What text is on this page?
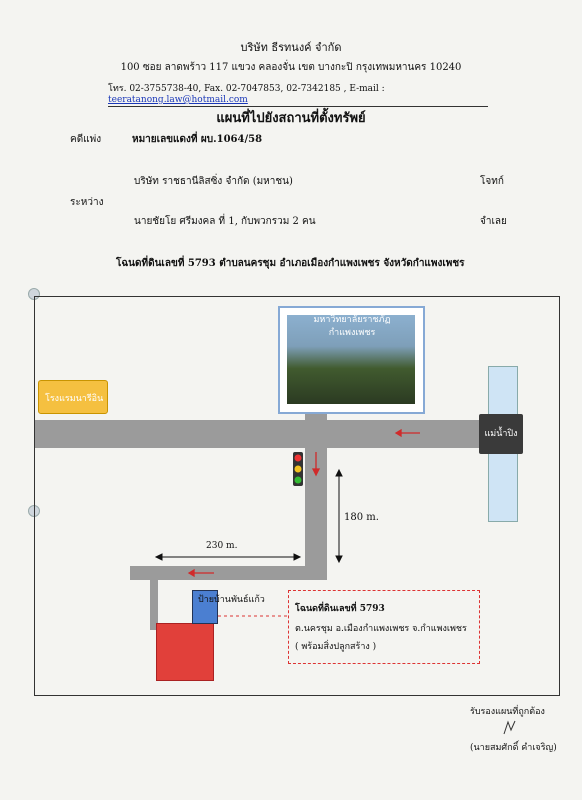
บริษัท ธีรทนงค์ จำกัด
100 ซอย ลาดพร้าว 117 แขวง คลองจั่น เขต บางกะปิ กรุงเทพมหานคร 10240
โทร. 02-3755738-40, Fax. 02-7047853, 02-7342185 , E-mail : teeratanong.law@hotmail.com
แผนที่ไปยังสถานที่ตั้งทรัพย์
คดีแพ่ง	หมายเลขแดงที่ ผบ.1064/58
บริษัท ราชธานีลิสซิ่ง จำกัด (มหาชน)	โจทก์
ระหว่าง
นายชัยโย ศรีมงคล ที่ 1, กับพวกรวม 2 คน	จำเลย
โฉนดที่ดินเลขที่ 5793 ตำบลนครชุม อำเภอเมืองกำแพงเพชร จังหวัดกำแพงเพชร
โรงแรมนารีอิน
มหาวิทยาลัยราชภัฏ
กำแพงเพชร
แม่น้ำปิง
180 m.
230 m.
ป้ายบ้านพันธ์แก้ว
โฉนดที่ดินเลขที่ 5793
ต.นครชุม อ.เมืองกำแพงเพชร จ.กำแพงเพชร
( พร้อมสิ่งปลูกสร้าง )
รับรองแผนที่ถูกต้อง
(นายสมศักดิ์ คำเจริญ)
